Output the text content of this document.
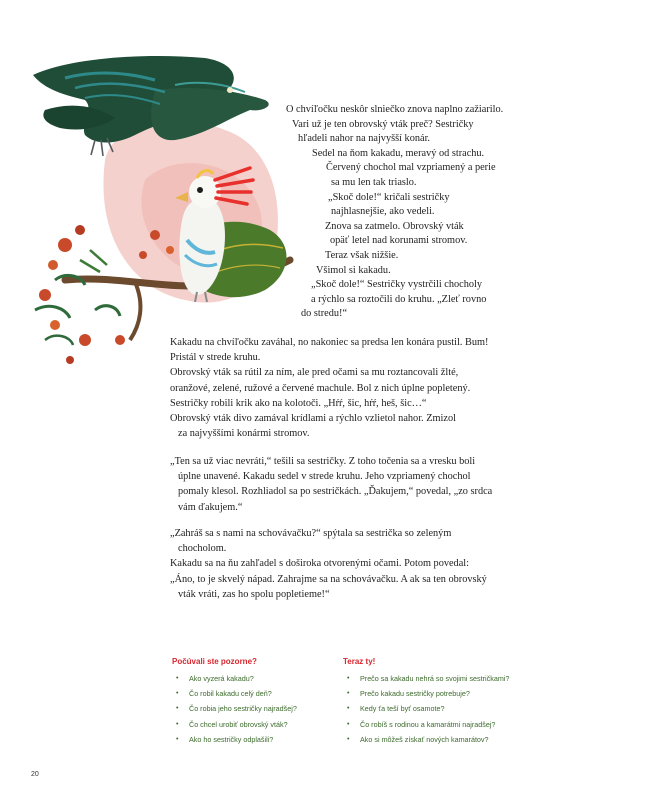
O chvíľočku neskôr slniečko znova naplno zažiarilo.
Vari už je ten obrovský vták preč? Sestričky
hľadeli nahor na najvyšší konár.
Sedel na ňom kakadu, meravý od strachu.
Červený chochol mal vzpriamený a perie
sa mu len tak triaslo.
„Skoč dole!“ kričali sestričky
najhlasnejšie, ako vedeli.
Znova sa zatmelo. Obrovský vták
opäť letel nad korunami stromov.
Teraz však nižšie.
Všimol si kakadu.
„Skoč dole!“ Sestričky vystrčili chocholy
a rýchlo sa roztočili do kruhu. „Zleť rovno
do stredu!“
Kakadu na chvíľočku zaváhal, no nakoniec sa predsa len konára pustil. Bum!
Pristál v strede kruhu.
Obrovský vták sa rútil za ním, ale pred očami sa mu roztancovali žlté,
oranžové, zelené, ružové a červené machule. Bol z nich úplne popletený.
Sestričky robili krik ako na kolotoči. „Hŕŕ, šic, hŕŕ, heš, šic…“
Obrovský vták divo zamával krídlami a rýchlo vzlietol nahor. Zmizol
za najvyššími konármi stromov.
„Ten sa už viac nevráti,“ tešili sa sestričky. Z toho točenia sa a vresku boli
úplne unavené. Kakadu sedel v strede kruhu. Jeho vzpriamený chochol
pomaly klesol. Rozhliadol sa po sestričkách. „Ďakujem,“ povedal, „zo srdca
vám ďakujem.“
„Zahráš sa s nami na schovávačku?“ spýtala sa sestrička so zeleným
chocholom.
Kakadu sa na ňu zahľadel s doširoka otvorenými očami. Potom povedal:
„Áno, to je skvelý nápad. Zahrajme sa na schovávačku. A ak sa ten obrovský
vták vráti, zas ho spolu popletieme!“
Počúvali ste pozorne?
• Ako vyzerá kakadu?
• Čo robil kakadu celý deň?
• Čo robia jeho sestričky najradšej?
• Čo chcel urobiť obrovský vták?
• Ako ho sestričky odplašili?
Teraz ty!
• Prečo sa kakadu nehrá so svojimi sestričkami?
• Prečo kakadu sestričky potrebuje?
• Kedy ťa teší byť osamote?
• Čo robíš s rodinou a kamarátmi najradšej?
• Ako si môžeš získať nových kamarátov?
20
